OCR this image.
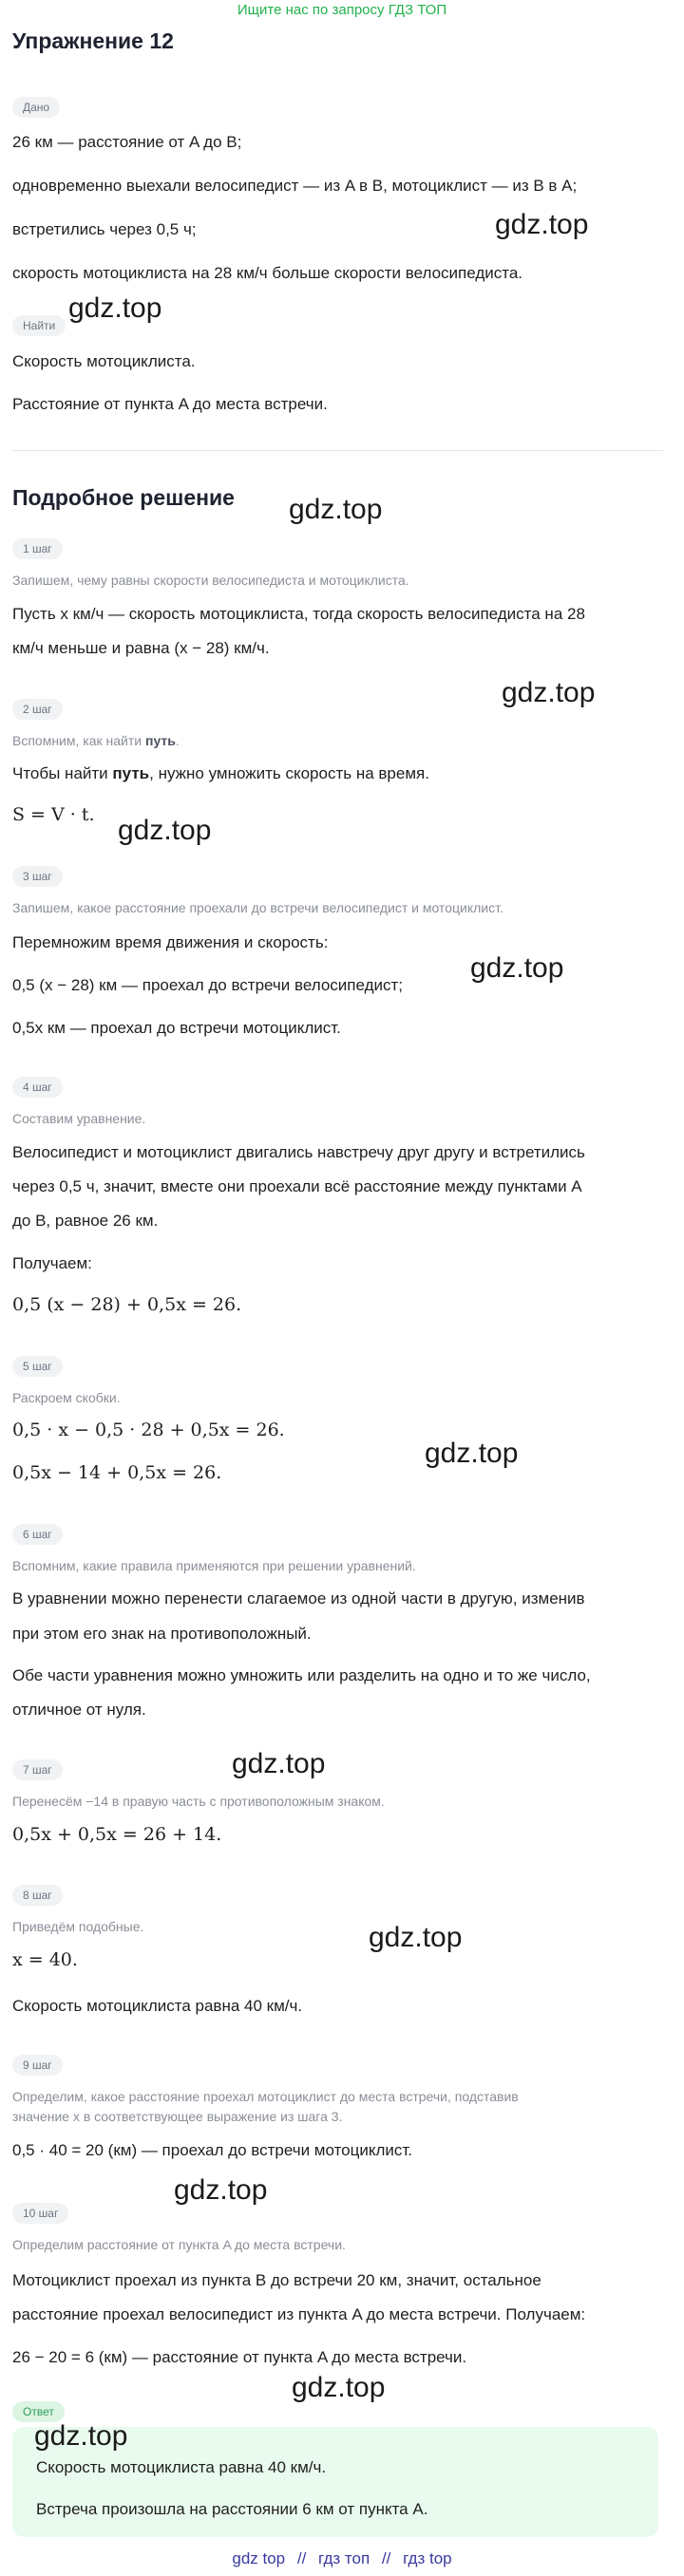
Ищите нас по запросу ГДЗ ТОП
Упражнение 12
Дано
26 км — расстояние от A до B;
одновременно выехали велосипедист — из A в B, мотоциклист — из B в A;
встретились через 0,5 ч;
скорость мотоциклиста на 28 км/ч больше скорости велосипедиста.
Найти
Скорость мотоциклиста.
Расстояние от пункта A до места встречи.
Подробное решение
1 шаг
Запишем, чему равны скорости велосипедиста и мотоциклиста.
Пусть x км/ч — скорость мотоциклиста, тогда скорость велосипедиста на 28
км/ч меньше и равна (x − 28) км/ч.
2 шаг
Вспомним, как найти путь.
Чтобы найти путь, нужно умножить скорость на время.
S = V · t.
3 шаг
Запишем, какое расстояние проехали до встречи велосипедист и мотоциклист.
Перемножим время движения и скорость:
0,5 (x − 28) км — проехал до встречи велосипедист;
0,5x км — проехал до встречи мотоциклист.
4 шаг
Составим уравнение.
Велосипедист и мотоциклист двигались навстречу друг другу и встретились
через 0,5 ч, значит, вместе они проехали всё расстояние между пунктами A
до B, равное 26 км.
Получаем:
0,5 (x − 28) + 0,5x = 26.
5 шаг
Раскроем скобки.
0,5 · x − 0,5 · 28 + 0,5x = 26.
0,5x − 14 + 0,5x = 26.
6 шаг
Вспомним, какие правила применяются при решении уравнений.
В уравнении можно перенести слагаемое из одной части в другую, изменив
при этом его знак на противоположный.
Обе части уравнения можно умножить или разделить на одно и то же число,
отличное от нуля.
7 шаг
Перенесём −14 в правую часть с противоположным знаком.
0,5x + 0,5x = 26 + 14.
8 шаг
Приведём подобные.
x = 40.
Скорость мотоциклиста равна 40 км/ч.
9 шаг
Определим, какое расстояние проехал мотоциклист до места встречи, подставив
значение x в соответствующее выражение из шага 3.
0,5 · 40 = 20 (км) — проехал до встречи мотоциклист.
10 шаг
Определим расстояние от пункта A до места встречи.
Мотоциклист проехал из пункта B до встречи 20 км, значит, остальное
расстояние проехал велосипедист из пункта A до места встречи. Получаем:
26 − 20 = 6 (км) — расстояние от пункта A до места встречи.
Ответ
Скорость мотоциклиста равна 40 км/ч.
Встреча произошла на расстоянии 6 км от пункта A.
gdz.top
gdz.top
gdz.top
gdz.top
gdz.top
gdz.top
gdz.top
gdz.top
gdz.top
gdz.top
gdz.top
gdz.top
gdz top // гдз топ // гдз top
